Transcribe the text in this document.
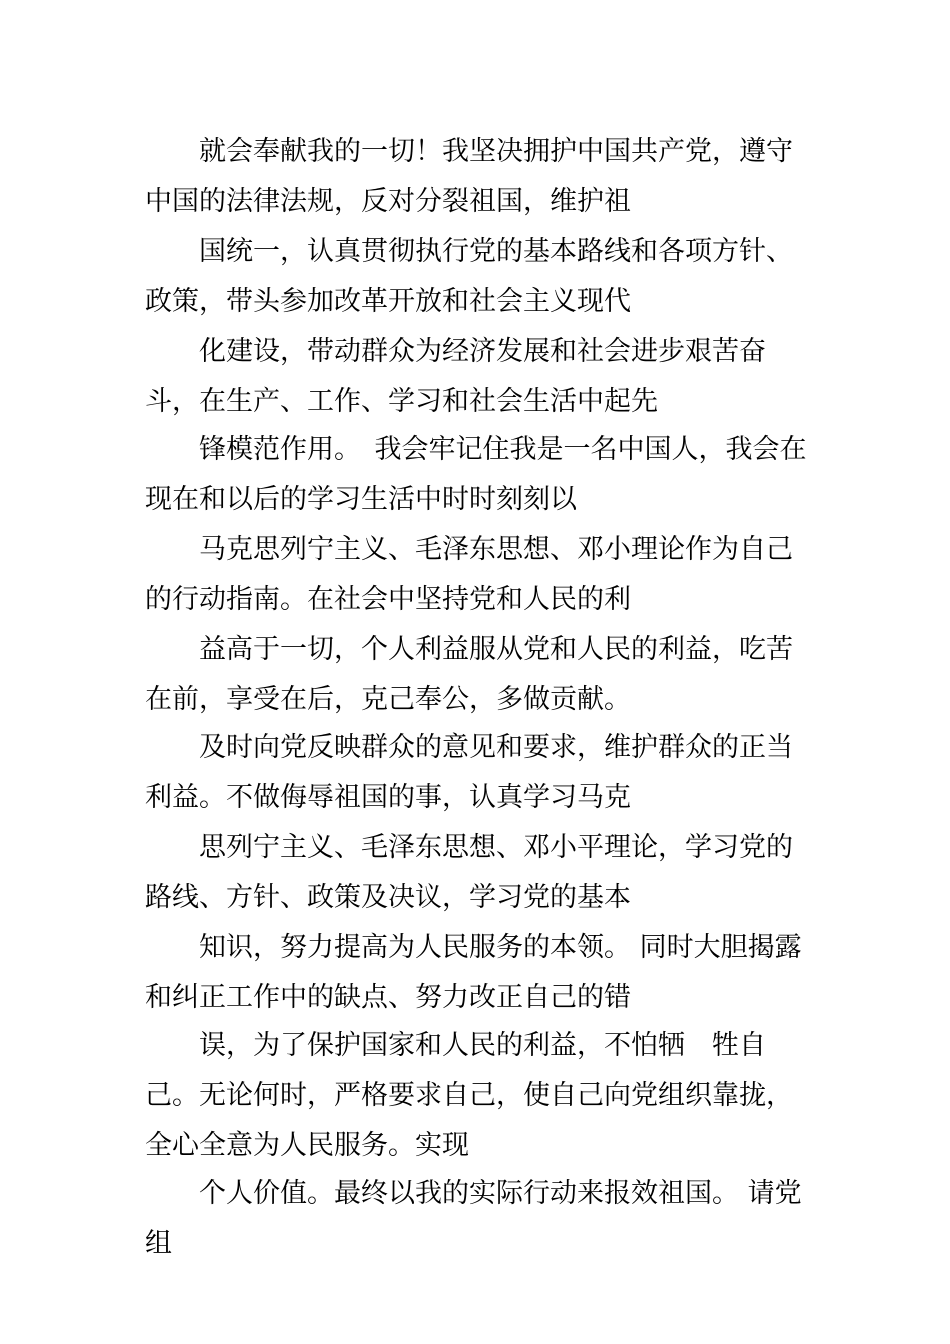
就会奉献我的一切！我坚决拥护中国共产党，遵守中国的法律法规，反对分裂祖国，维护祖

国统一，认真贯彻执行党的基本路线和各项方针、政策，带头参加改革开放和社会主义现代

化建设，带动群众为经济发展和社会进步艰苦奋斗，在生产、工作、学习和社会生活中起先

锋模范作用。　我会牢记住我是一名中国人，我会在现在和以后的学习生活中时时刻刻以

马克思列宁主义、毛泽东思想、邓小理论作为自己的行动指南。在社会中坚持党和人民的利

益高于一切，个人利益服从党和人民的利益，吃苦在前，享受在后，克己奉公，多做贡献。

及时向党反映群众的意见和要求，维护群众的正当利益。不做侮辱祖国的事，认真学习马克

思列宁主义、毛泽东思想、邓小平理论，学习党的路线、方针、政策及决议，学习党的基本

知识，努力提高为人民服务的本领。 同时大胆揭露和纠正工作中的缺点、努力改正自己的错

误，为了保护国家和人民的利益，不怕牺　牲自己。无论何时，严格要求自己，使自己向党组织靠拢，全心全意为人民服务。实现

个人价值。最终以我的实际行动来报效祖国。 请党组
